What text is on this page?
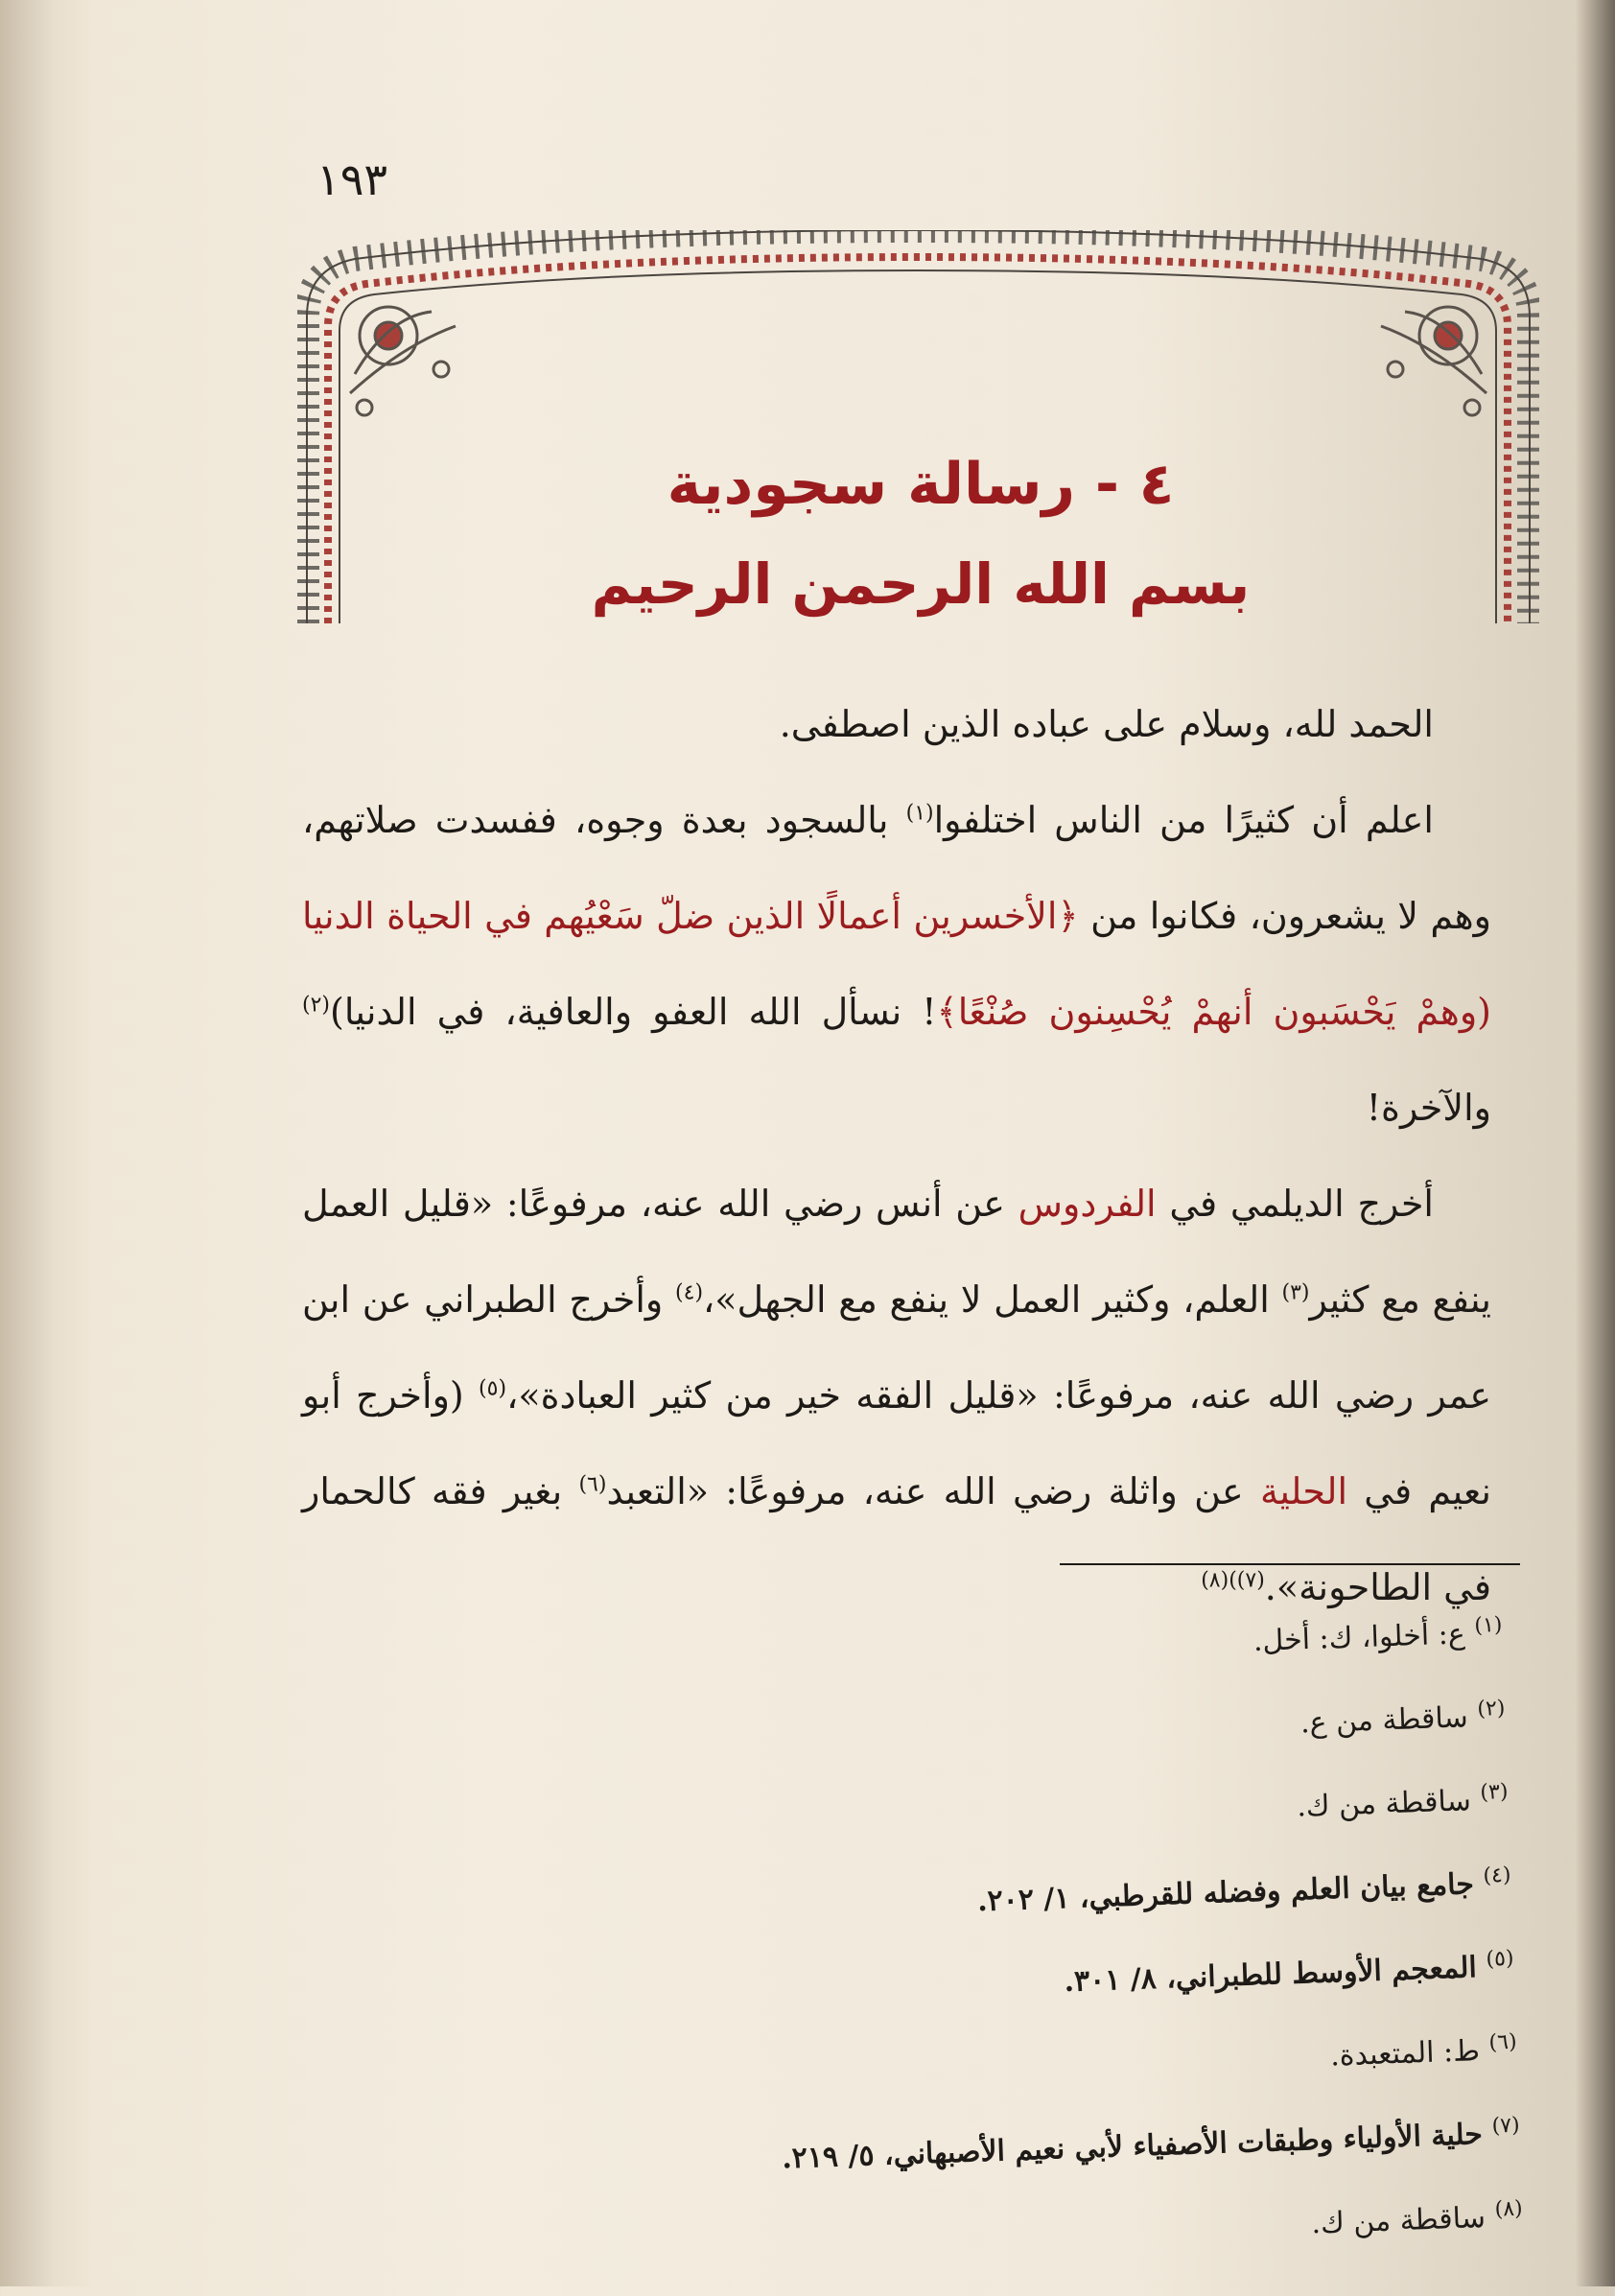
١٩٣
٤ - رسالة سجودية
بسم الله الرحمن الرحيم

الحمد لله، وسلام على عباده الذين اصطفى.

اعلم أن كثيرًا من الناس اختلفوا$^{(١)}$ بالسجود بعدة وجوه، ففسدت صلاتهم، وهم لا يشعرون، فكانوا من ﴿الأخسرين أعمالًا الذين ضلّ سَعْيُهم في الحياة الدنيا (وهمْ يَحْسَبون أنهمْ يُحْسِنون صُنْعًا﴾! نسأل الله العفو والعافية، في الدنيا)$^{(٢)}$ والآخرة!

أخرج الديلمي في الفردوس عن أنس رضي الله عنه، مرفوعًا: «قليل العمل ينفع مع كثير$^{(٣)}$ العلم، وكثير العمل لا ينفع مع الجهل»،$^{(٤)}$ وأخرج الطبراني عن ابن عمر رضي الله عنه، مرفوعًا: «قليل الفقه خير من كثير العبادة»،$^{(٥)}$ (وأخرج أبو نعيم في الحلية عن واثلة رضي الله عنه، مرفوعًا: «التعبد$^{(٦)}$ بغير فقه كالحمار في الطاحونة».$^{(٧))(٨)}$

$^{(١)}$ع: أخلوا، ك: أخل.

$^{(٢)}$ساقطة من ع.

$^{(٣)}$ساقطة من ك.

$^{(٤)}$جامع بيان العلم وفضله للقرطبي، ١/ ٢٠٢.

$^{(٥)}$المعجم الأوسط للطبراني، ٨/ ٣٠١.

$^{(٦)}$ط: المتعبدة.

$^{(٧)}$حلية الأولياء وطبقات الأصفياء لأبي نعيم الأصبهاني، ٥/ ٢١٩.

$^{(٨)}$ساقطة من ك.
